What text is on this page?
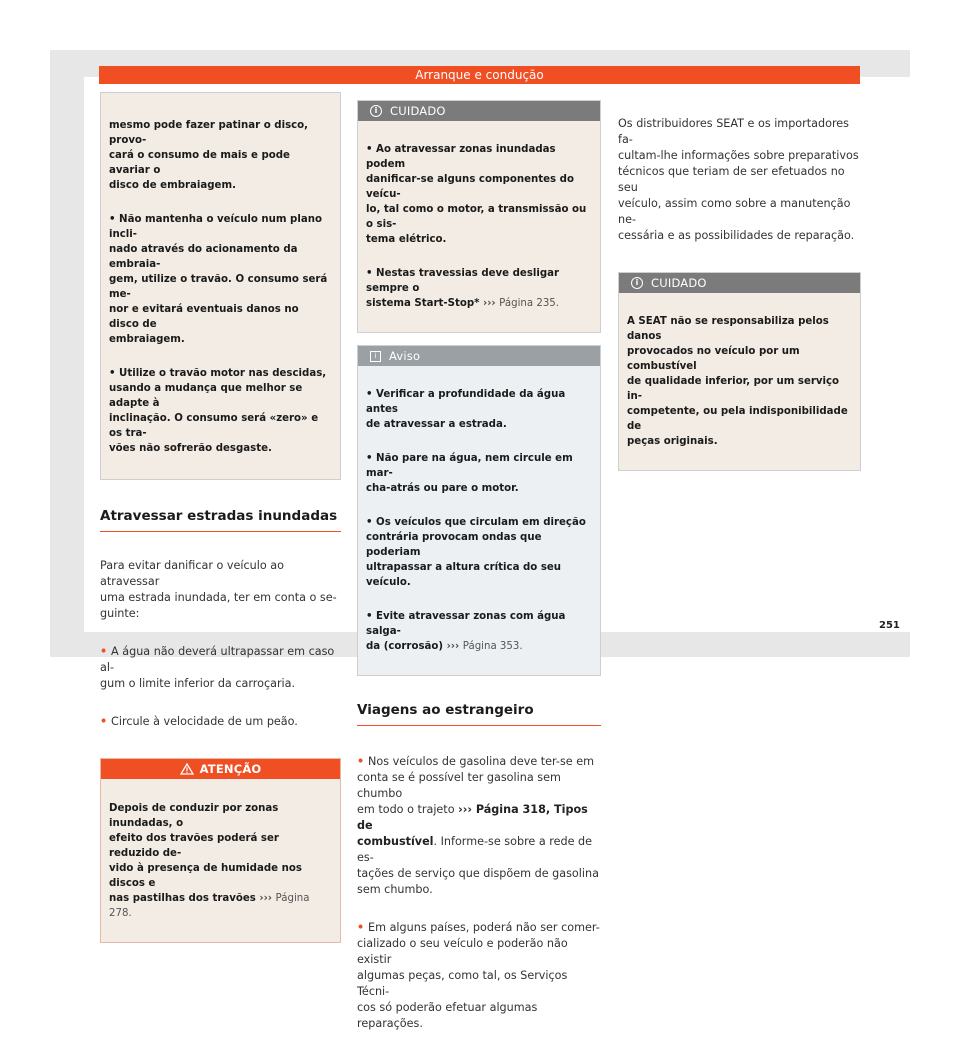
Arranque e condução

mesmo pode fazer patinar o disco, provo-
cará o consumo de mais e pode avariar o
disco de embraiagem.

• Não mantenha o veículo num plano incli-
nado através do acionamento da embraia-
gem, utilize o travão. O consumo será me-
nor e evitará eventuais danos no disco de
embraiagem.

• Utilize o travão motor nas descidas,
usando a mudança que melhor se adapte à
inclinação. O consumo será «zero» e os tra-
vões não sofrerão desgaste.

Atravessar estradas inundadas

Para evitar danificar o veículo ao atravessar
uma estrada inundada, ter em conta o se-
guinte:

• A água não deverá ultrapassar em caso al-
gum o limite inferior da carroçaria.

• Circule à velocidade de um peão.

ATENÇÃO

Depois de conduzir por zonas inundadas, o
efeito dos travões poderá ser reduzido de-
vido à presença de humidade nos discos e
nas pastilhas dos travões ››› Página 278.

i	CUIDADO

• Ao atravessar zonas inundadas podem
danificar-se alguns componentes do veícu-
lo, tal como o motor, a transmissão ou o sis-
tema elétrico.

• Nestas travessias deve desligar sempre o
sistema Start-Stop* ››› Página 235.

i	Aviso

• Verificar a profundidade da água antes
de atravessar a estrada.

• Não pare na água, nem circule em mar-
cha-atrás ou pare o motor.

• Os veículos que circulam em direção
contrária provocam ondas que poderiam
ultrapassar a altura crítica do seu veículo.

• Evite atravessar zonas com água salga-
da (corrosão) ››› Página 353.

Viagens ao estrangeiro

• Nos veículos de gasolina deve ter-se em
conta se é possível ter gasolina sem chumbo
em todo o trajeto ››› Página 318, Tipos de
combustível. Informe-se sobre a rede de es-
tações de serviço que dispõem de gasolina
sem chumbo.

• Em alguns países, poderá não ser comer-
cializado o seu veículo e poderão não existir
algumas peças, como tal, os Serviços Técni-
cos só poderão efetuar algumas reparações.

Os distribuidores SEAT e os importadores fa-
cultam-lhe informações sobre preparativos
técnicos que teriam de ser efetuados no seu
veículo, assim como sobre a manutenção ne-
cessária e as possibilidades de reparação.

i	CUIDADO

A SEAT não se responsabiliza pelos danos
provocados no veículo por um combustível
de qualidade inferior, por um serviço in-
competente, ou pela indisponibilidade de
peças originais.

251
